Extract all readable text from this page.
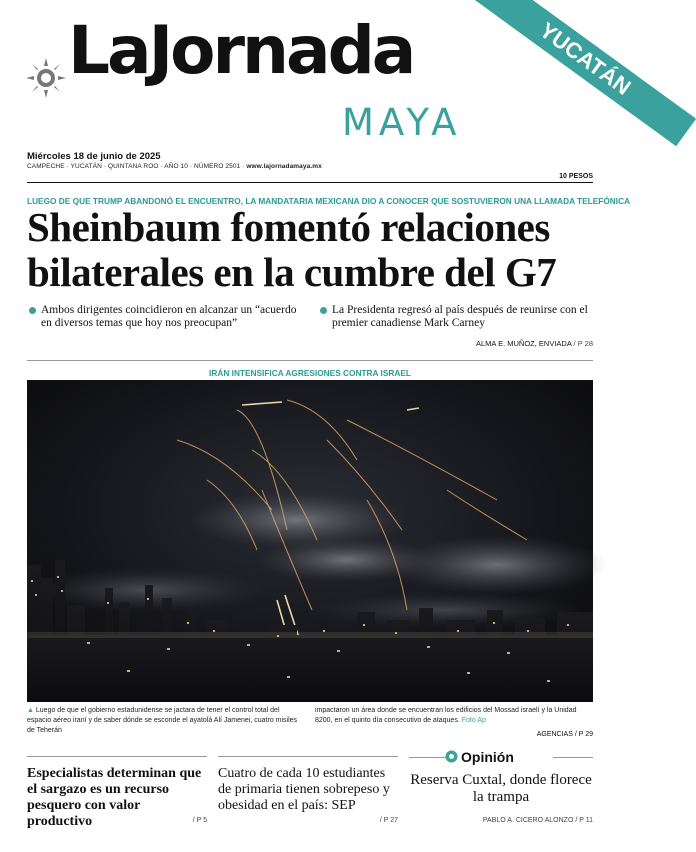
LaJornada
MAYA
YUCATÁN
Miércoles 18 de junio de 2025
CAMPECHE · YUCATÁN · QUINTANA ROO · AÑO 10 · NÚMERO 2501 · www.lajornadamaya.mx
10 PESOS
LUEGO DE QUE TRUMP ABANDONÓ EL ENCUENTRO, LA MANDATARIA MEXICANA DIO A CONOCER QUE SOSTUVIERON UNA LLAMADA TELEFÓNICA
Sheinbaum fomentó relaciones
bilaterales en la cumbre del G7
Ambos dirigentes coincidieron en alcanzar un “acuerdo en diversos temas que hoy nos preocupan”
La Presidenta regresó al país después de reunirse con el premier canadiense Mark Carney
ALMA E. MUÑOZ, ENVIADA / P 28
IRÁN INTENSIFICA AGRESIONES CONTRA ISRAEL
▲ Luego de que el gobierno estadunidense se jactara de tener el control total del espacio aéreo iraní y de saber dónde se esconde el ayatolá Alí Jamenei, cuatro misiles de Teherán
impactaron un área donde se encuentran los edificios del Mossad israelí y la Unidad 8200, en el quinto día consecutivo de ataques. Foto Ap
AGENCIAS / P 29
Especialistas determinan que el sargazo es un recurso pesquero con valor productivo	/ P 5
Cuatro de cada 10 estudiantes de primaria tienen sobrepeso y obesidad en el país: SEP
/ P 27
Opinión
Reserva Cuxtal, donde florece la trampa
PABLO A. CICERO ALONZO / P 11
